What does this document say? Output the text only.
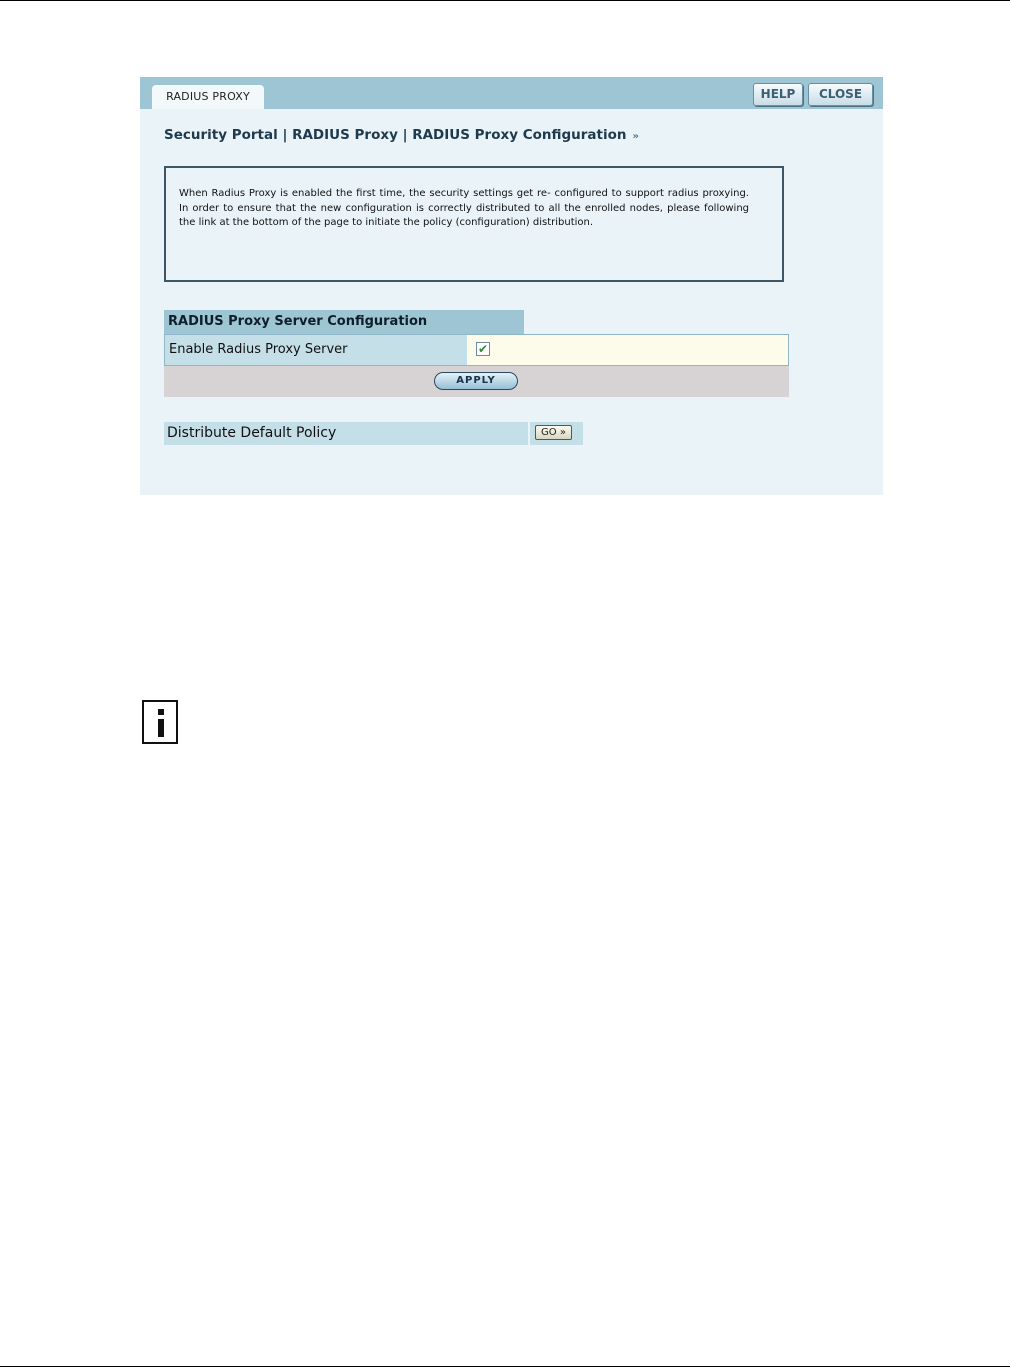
RADIUS PROXY	HELP	CLOSE
Security Portal | RADIUS Proxy | RADIUS Proxy Configuration »
When Radius Proxy is enabled the first time, the security settings get re- configured to support radius proxying. In order to ensure that the new configuration is correctly distributed to all the enrolled nodes, please following the link at the bottom of the page to initiate the policy (configuration) distribution.
RADIUS Proxy Server Configuration
Enable Radius Proxy Server	✔
APPLY
Distribute Default Policy	GO »
